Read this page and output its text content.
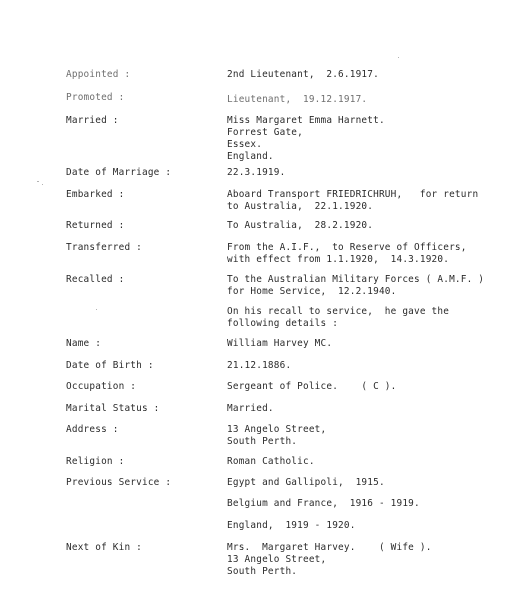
Appointed :	2nd Lieutenant,  2.6.1917.
Promoted :	Lieutenant,  19.12.1917.
Married :	Miss Margaret Emma Harnett.
Forrest Gate,
Essex.
England.
Date of Marriage :	22.3.1919.
Embarked :	Aboard Transport FRIEDRICHRUH,   for return
to Australia,  22.1.1920.
Returned :	To Australia,  28.2.1920.
Transferred :	From the A.I.F.,  to Reserve of Officers,
with effect from 1.1.1920,  14.3.1920.
Recalled :	To the Australian Military Forces ( A.M.F. )
for Home Service,  12.2.1940.
On his recall to service,  he gave the
following details :
Name :	William Harvey MC.
Date of Birth :	21.12.1886.
Occupation :	Sergeant of Police.    ( C ).
Marital Status :	Married.
Address :	13 Angelo Street,
South Perth.
Religion :	Roman Catholic.
Previous Service :	Egypt and Gallipoli,  1915.
Belgium and France,  1916 - 1919.
England,  1919 - 1920.
Next of Kin :	Mrs.  Margaret Harvey.    ( Wife ).
13 Angelo Street,
South Perth.
